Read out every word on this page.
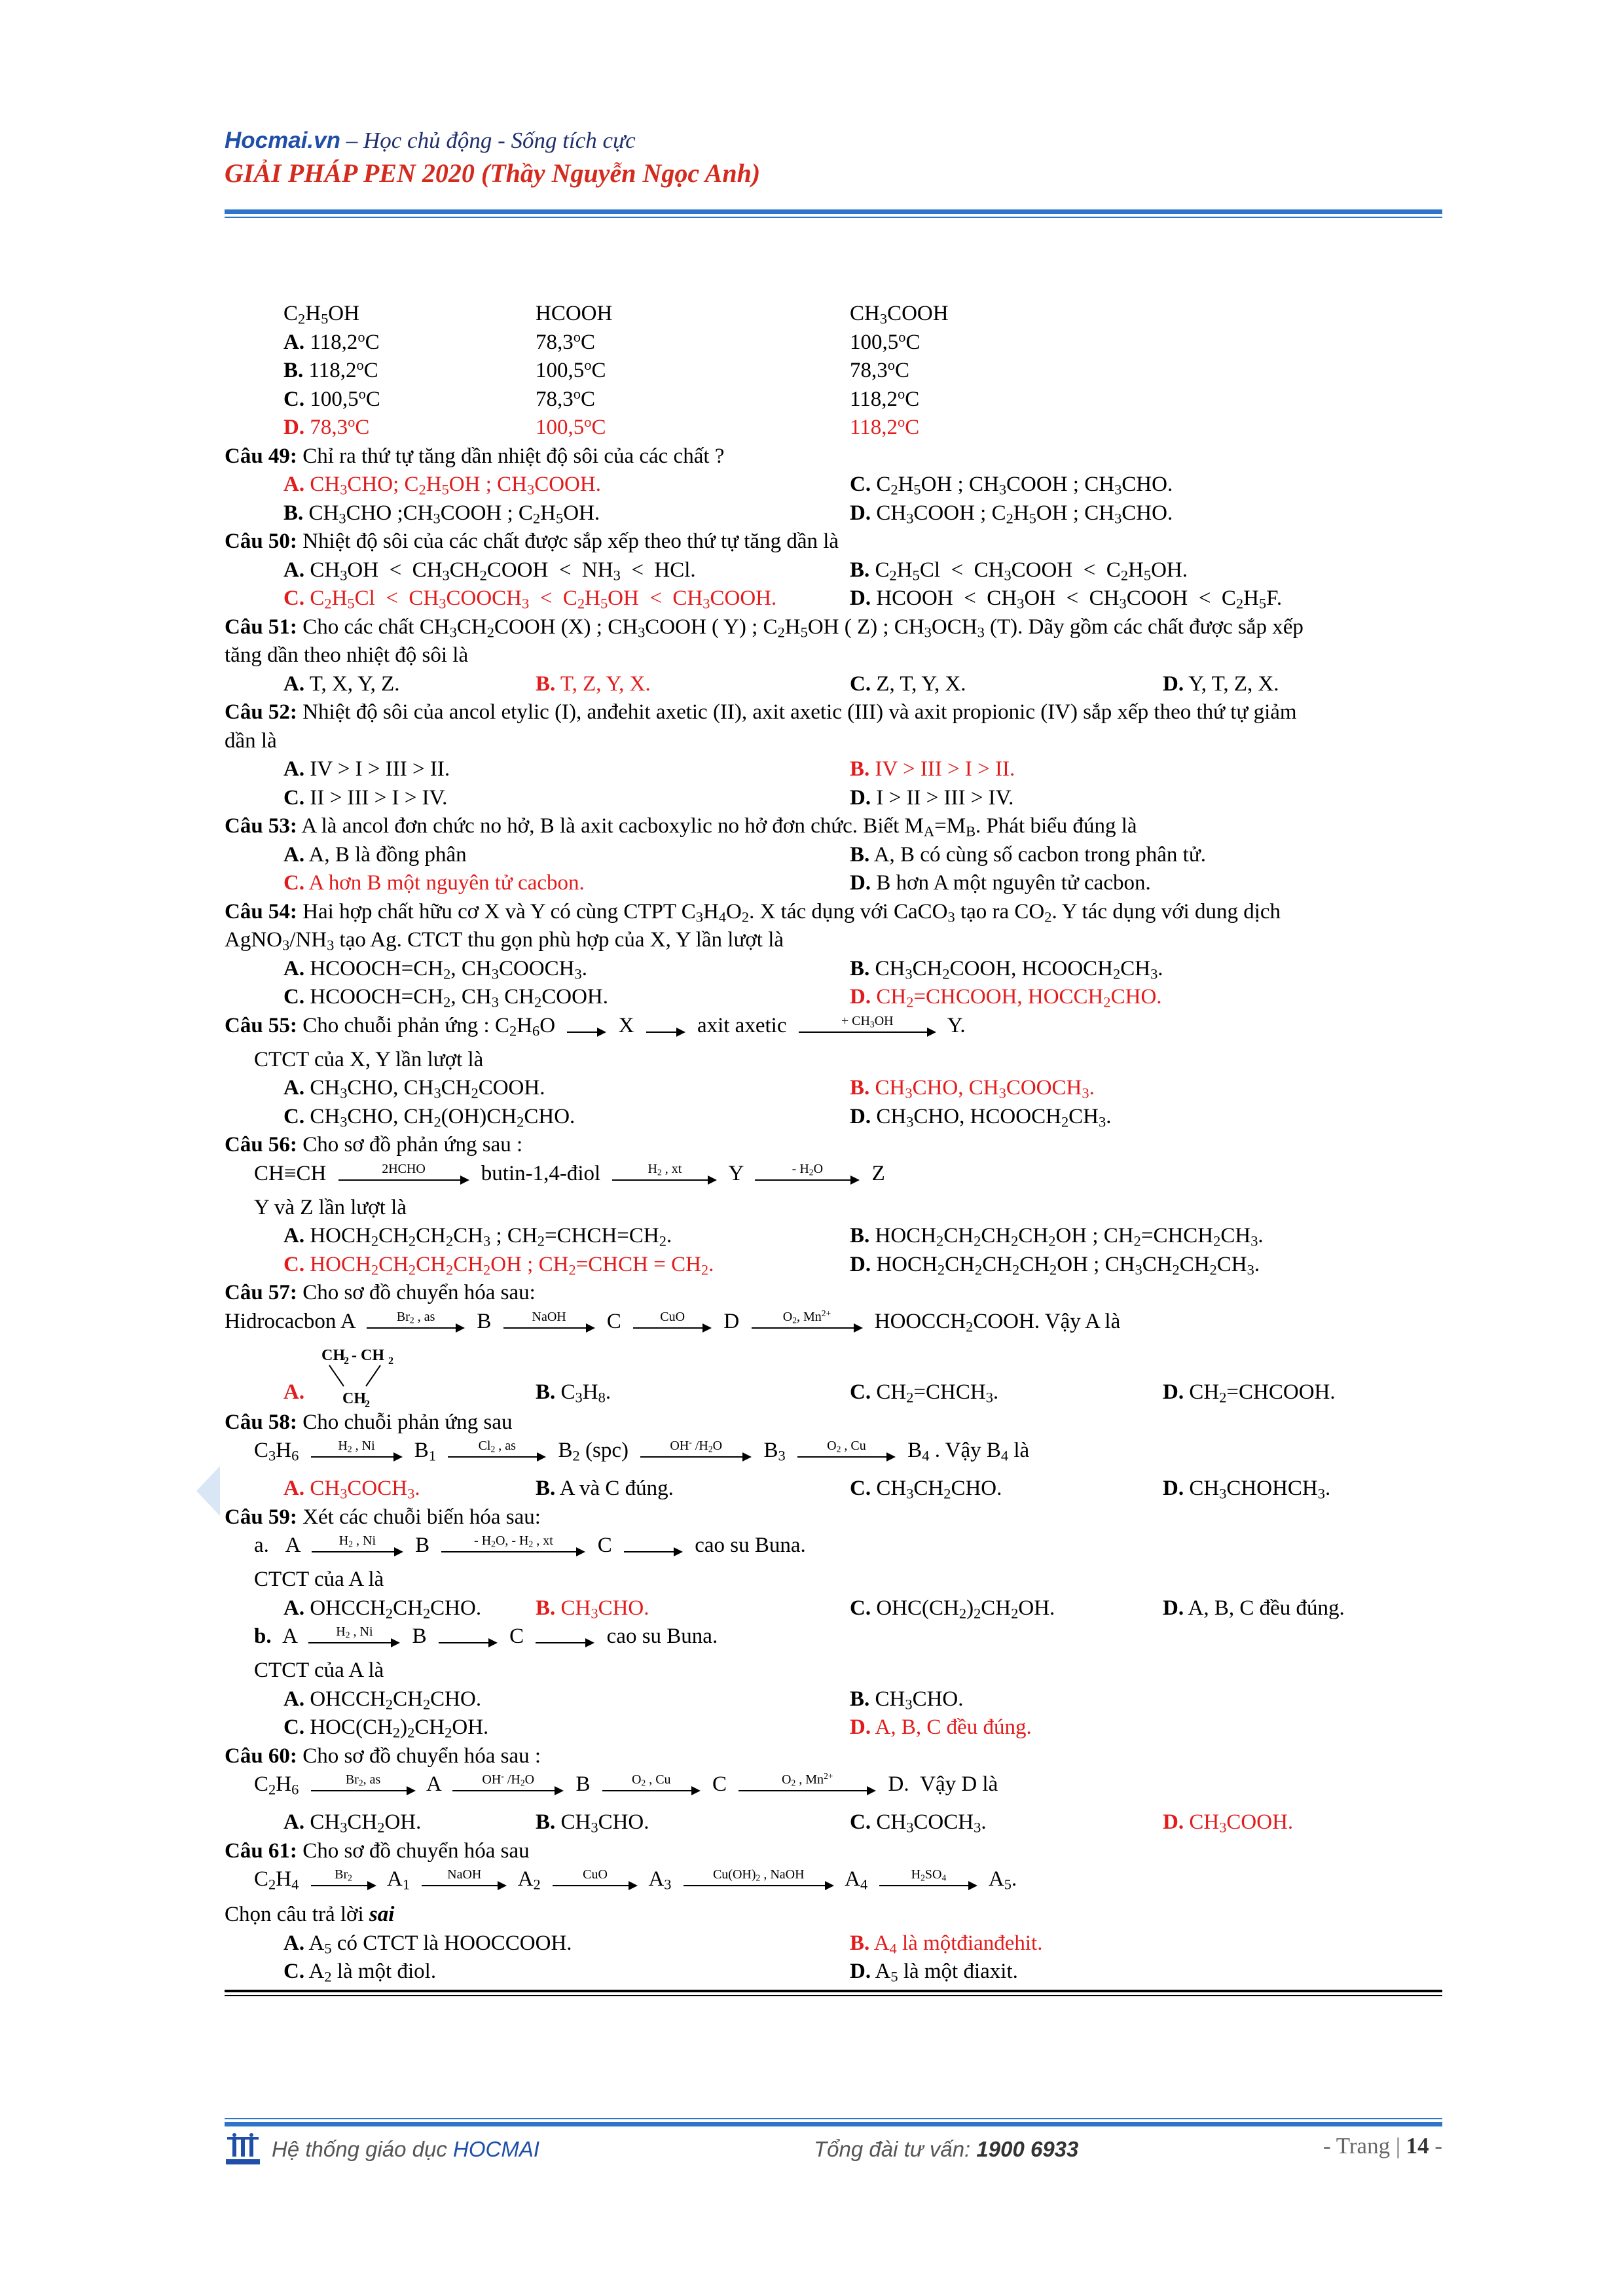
Hocmai.vn – Học chủ động - Sống tích cực
GIẢI PHÁP PEN 2020 (Thầy Nguyễn Ngọc Anh)
$C_2H_5OH$	HCOOH	$CH_3COOH$
A. 118,2$^o$C	78,3$^o$C	100,5$^o$C
B. 118,2$^o$C	100,5$^o$C	78,3$^o$C
C. 100,5$^o$C	78,3$^o$C	118,2$^o$C
D. 78,3$^o$C	100,5$^o$C	118,2$^o$C
Câu 49: Chỉ ra thứ tự tăng dần nhiệt độ sôi của các chất ?
A. $CH_3CHO$; $C_2H_5OH$ ; $CH_3COOH$.	C. $C_2H_5OH$ ; $CH_3COOH$ ; $CH_3CHO$.
B. $CH_3CHO$ $;CH_3COOH$ ; $C_2H_5OH$.	D. $CH_3COOH$ ; $C_2H_5OH$ ; $CH_3CHO$.
Câu 50: Nhiệt độ sôi của các chất được sắp xếp theo thứ tự tăng dần là
A. $CH_3OH$  <  $CH_3CH_2COOH < NH_3$  <  HCl.	B. $C_2H_5Cl$  <  $CH_3COOH < C_2H_5OH$.
C. $C_2H_5Cl$  <  $CH_3COOCH_3 < C_2H_5OH$  <  $CH_3COOH$.	D. HCOOH  <  $CH_3OH$  <  $CH_3COOH < C_2H_5F$.
Câu 51: Cho các chất $CH_3CH_2COOH$ (X) ; $CH_3COOH$ ( Y) ; $C_2H_5OH$ ( Z) ; $CH_3OCH_3$ (T). Dãy gồm các chất được sắp xếp
tăng dần theo nhiệt độ sôi là
A. T, X, Y, Z.	B. T, Z, Y, X.	C. Z, T, Y, X.	D. Y, T, Z, X.
Câu 52: Nhiệt độ sôi của ancol etylic (I), anđehit axetic (II), axit axetic (III) và axit propionic (IV) sắp xếp theo thứ tự giảm
dần là
A. IV > I > III > II.	B. IV > III > I > II.
C. II > III > I > IV.	D. I > II > III > IV.
Câu 53: A là ancol đơn chức no hở, B là axit cacboxylic no hở đơn chức. Biết $M_A=M_B$. Phát biểu đúng là
A. A, B là đồng phân	B. A, B có cùng số cacbon trong phân tử.
C. A hơn B một nguyên tử cacbon.	D. B hơn A một nguyên tử cacbon.
Câu 54: Hai hợp chất hữu cơ X và Y có cùng CTPT $C_3H_4O_2$. X tác dụng với CaCO$_3$ tạo ra $CO_2$. Y tác dụng với dung dịch
$AgNO_3/NH_3$ tạo Ag. CTCT thu gọn phù hợp của X, Y lần lượt là
A. $HCOOCH=CH_2$, $CH_3COOCH_3$.	B. $CH_3CH_2COOH$, $HCOOCH_2CH_3$.
C. $HCOOCH=CH_2$, $CH_3$ $CH_2COOH$.	D. $CH_2=CHCOOH$, $HOCCH_2CHO$.
Câu 55: Cho chuỗi phản ứng : $C_2H_6O$
X
axit axetic	+ $CH_3OH$	Y.
CTCT của X, Y lần lượt là
A. $CH_3CHO$, $CH_3CH_2COOH$.	B. $CH_3CHO$, $CH_3COOCH_3$.
C. $CH_3CHO$, $CH_2(OH)CH_2CHO$.	D. $CH_3CHO$, $HCOOCH_2CH_3$.
Câu 56: Cho sơ đồ phản ứng sau :
CH≡CH	2HCHO	butin-1,4-điol	$H_2$ , xt	Y	- $H_2O$	Z
Y và Z lần lượt là
A. $HOCH_2CH_2CH_2CH_3$ ; $CH_2=CHCH=CH_2$.	B. $HOCH_2CH_2CH_2CH_2OH$ ; $CH_2=CHCH_2CH_3$.
C. $HOCH_2CH_2CH_2CH_2OH$ ; $CH_2=CHCH = CH_2$.	D. $HOCH_2CH_2CH_2CH_2OH$ ; $CH_3CH_2CH_2CH_3$.
Câu 57: Cho sơ đồ chuyển hóa sau:
Hidrocacbon A	$Br_2$ , as	B	NaOH	C	CuO	D	$O_2$, $Mn^{2+}$	$HOOCCH_2COOH$. Vậy A là
A.
CH
2 - CH 2
CH
2
B. $C_3H_8$.	C. $CH_2=CHCH_3$.	D. $CH_2=CHCOOH$.
Câu 58: Cho chuỗi phản ứng sau
$C_3H_6$
$H_2$ , Ni	$B_1$
$Cl_2$ , as	$B_2$ (spc)	OH- $/H_2O$	$B_3$
$O_2$ , Cu	$B_4$ . Vậy $B_4$ là
A. $CH_3COCH_3$.	B. A và C đúng.	C. $CH_3CH_2CHO$.	D. $CH_3CHOHCH_3$.
Câu 59: Xét các chuỗi biến hóa sau:
a.   A	$H_2$ , Ni	B	- $H_2O$, - $H_2$ , xt	C	cao su Buna.
CTCT của A là
A. $OHCCH_2CH_2CHO$.	B. $CH_3CHO$.	C. $OHC(CH_2)_2CH_2OH$.	D. A, B, C đều đúng.
b.  A	$H_2$ , Ni	B	C	cao su Buna.
CTCT của A là
A. $OHCCH_2CH_2CHO$.	B. $CH_3CHO$.
C. $HOC(CH_2)_2CH_2OH$.	D. A, B, C đều đúng.
Câu 60: Cho sơ đồ chuyển hóa sau :
$C_2H_6$
$Br_2$, as	A	OH- $/H_2O$	B	$O_2$ , Cu	C	$O_2$ , $Mn^{2+}$	D.  Vậy D là
A. $CH_3CH_2OH$.	B. $CH_3CHO$.	C. $CH_3COCH_3$.	D. $CH_3COOH$.
Câu 61: Cho sơ đồ chuyển hóa sau
$C_2H_4$
$Br_2$	$A_1$
NaOH	$A_2$
CuO	$A_3$
$Cu(OH)_2$ , NaOH	$A_4$
$H_2SO_4$	$A_5$.
Chọn câu trả lời sai
A. $A_5$ có CTCT là HOOCCOOH.	B. $A_4$ là mộtđianđehit.
C. $A_2$ là một điol.	D. $A_5$ là một điaxit.
Hệ thống giáo dục HOCMAI	Tổng đài tư vấn: 1900 6933	- Trang | 14 -
